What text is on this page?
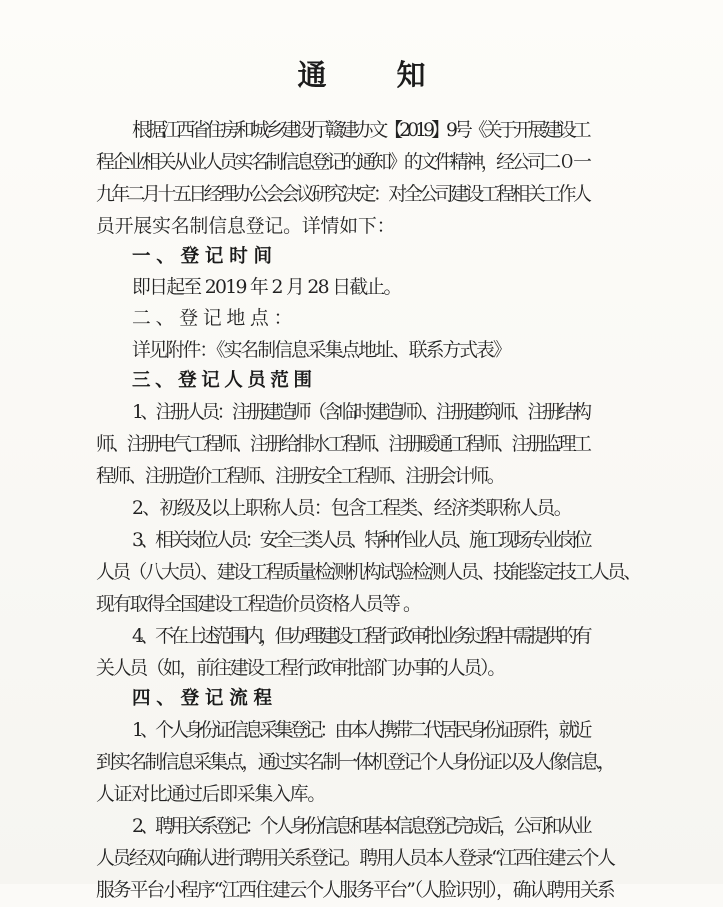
通 知
根据江西省住房和城乡建设厅赣建办文【2019】9号《关于开展建设工
程企业相关从业人员实名制信息登记的通知》的文件精神，经公司二０一
九年二月十五日经理办公会会议研究决定：对全公司建设工程相关工作人
员开展实名制信息登记。详情如下：
一、登记时间
即日起至 2019 年 2 月 28 日截止。
二、登记地点：
详见附件：《实名制信息采集点地址、联系方式表》
三、登记人员范围
1、注册人员：注册建造师（含临时建造师）、注册建筑师、注册结构
师、注册电气工程师、注册给排水工程师、注册暖通工程师、注册监理工
程师、注册造价工程师、注册安全工程师、注册会计师。
2、初级及以上职称人员：包含工程类、经济类职称人员。
3、相关岗位人员：安全三类人员、特种作业人员、施工现场专业岗位
人员（八大员）、建设工程质量检测机构试验检测人员、技能鉴定技工人员、
现有取得全国建设工程造价员资格人员等 。
4、不在上述范围内，但办理建设工程行政审批业务过程中需提供的有
关人员（如，前往建设工程行政审批部门办事的人员）。
四、登记流程
1、个人身份证信息采集登记：由本人携带二代居民身份证原件，就近
到实名制信息采集点，通过实名制一体机登记个人身份证以及人像信息，
人证对比通过后即采集入库。
2、聘用关系登记：个人身份信息和基本信息登记完成后，公司和从业
人员经双向确认进行聘用关系登记。聘用人员本人登录“江西住建云个人
服务平台小程序“江西住建云个人服务平台”（人脸识别），确认聘用关系
